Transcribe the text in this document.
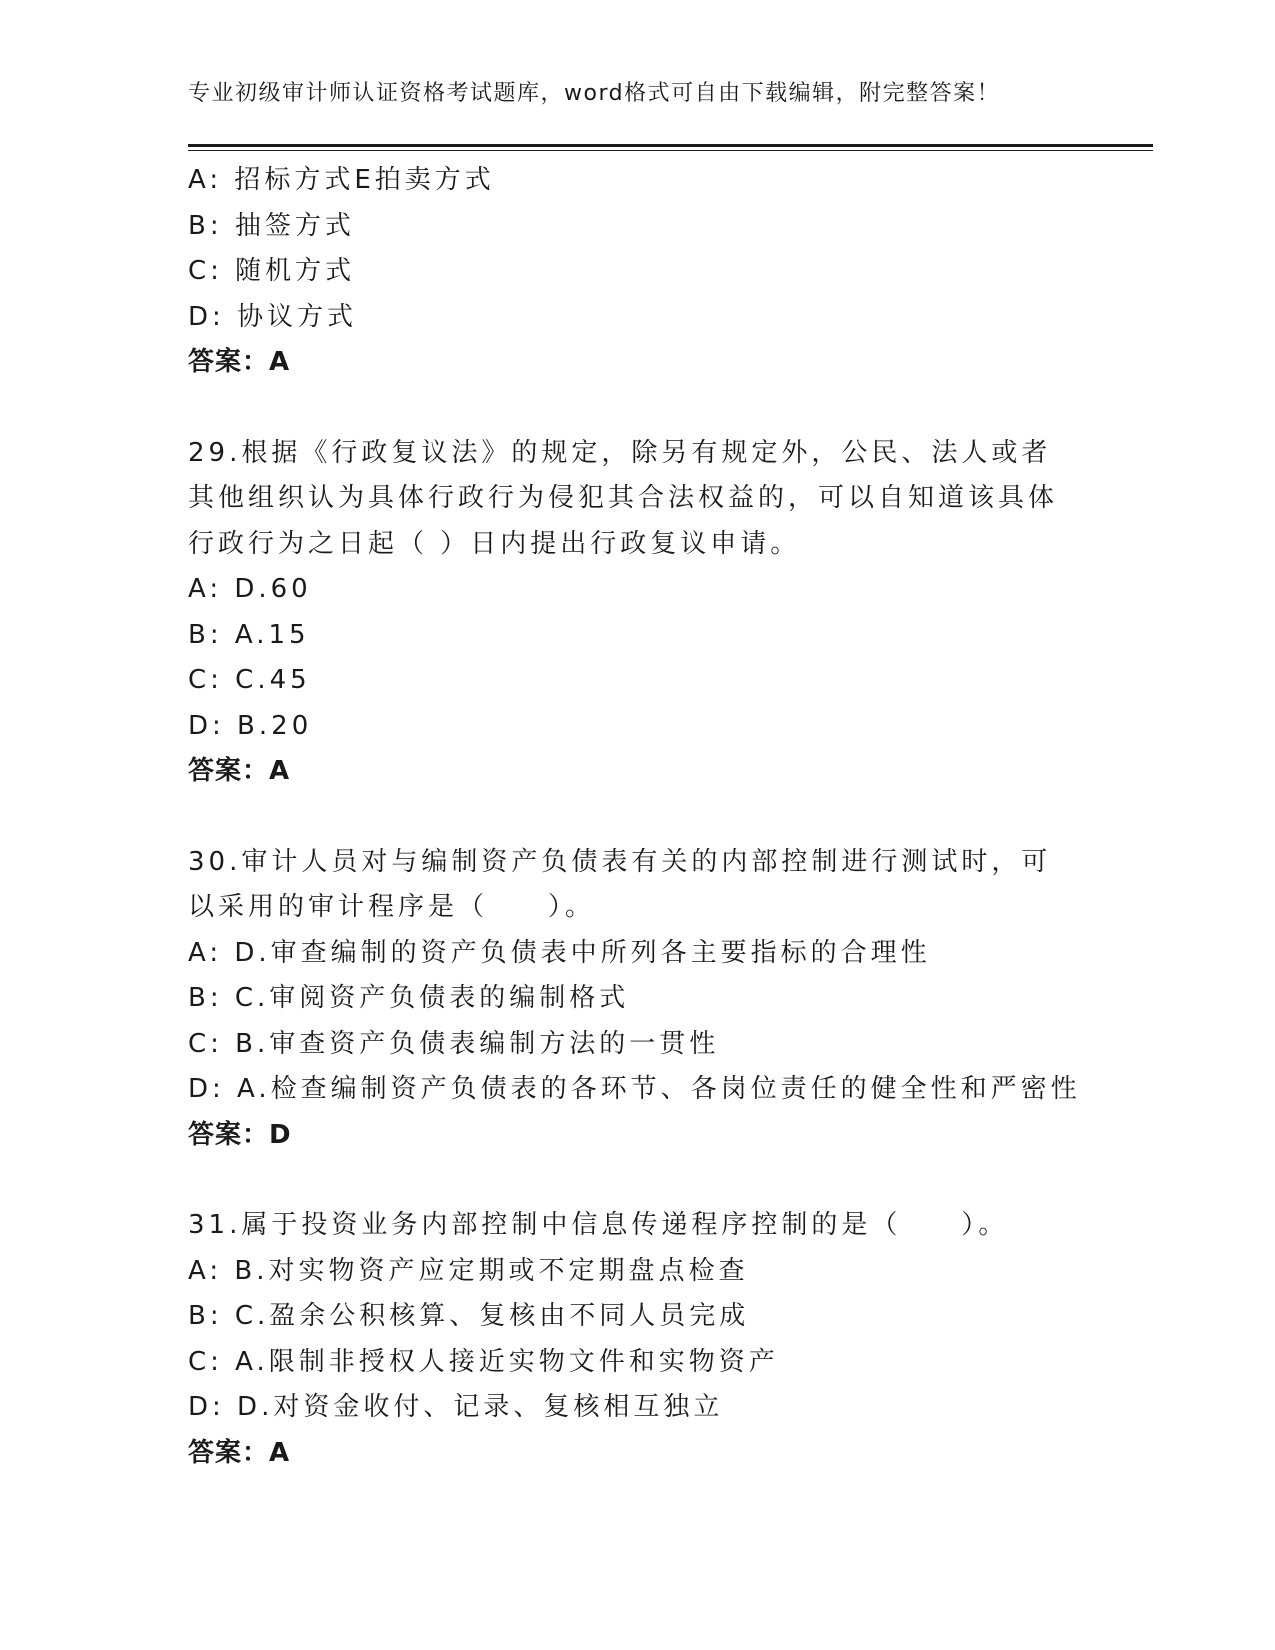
专业初级审计师认证资格考试题库，word格式可自由下载编辑，附完整答案！
A: 招标方式E拍卖方式
B: 抽签方式
C: 随机方式
D: 协议方式
答案：A
29.根据《行政复议法》的规定，除另有规定外，公民、法人或者其他组织认为具体行政行为侵犯其合法权益的，可以自知道该具体行政行为之日起（ ）日内提出行政复议申请。
A: D.60
B: A.15
C: C.45
D: B.20
答案：A
30.审计人员对与编制资产负债表有关的内部控制进行测试时，可以采用的审计程序是（　　）。
A: D.审查编制的资产负债表中所列各主要指标的合理性
B: C.审阅资产负债表的编制格式
C: B.审查资产负债表编制方法的一贯性
D: A.检查编制资产负债表的各环节、各岗位责任的健全性和严密性
答案：D
31.属于投资业务内部控制中信息传递程序控制的是（　　）。
A: B.对实物资产应定期或不定期盘点检查
B: C.盈余公积核算、复核由不同人员完成
C: A.限制非授权人接近实物文件和实物资产
D: D.对资金收付、记录、复核相互独立
答案：A
